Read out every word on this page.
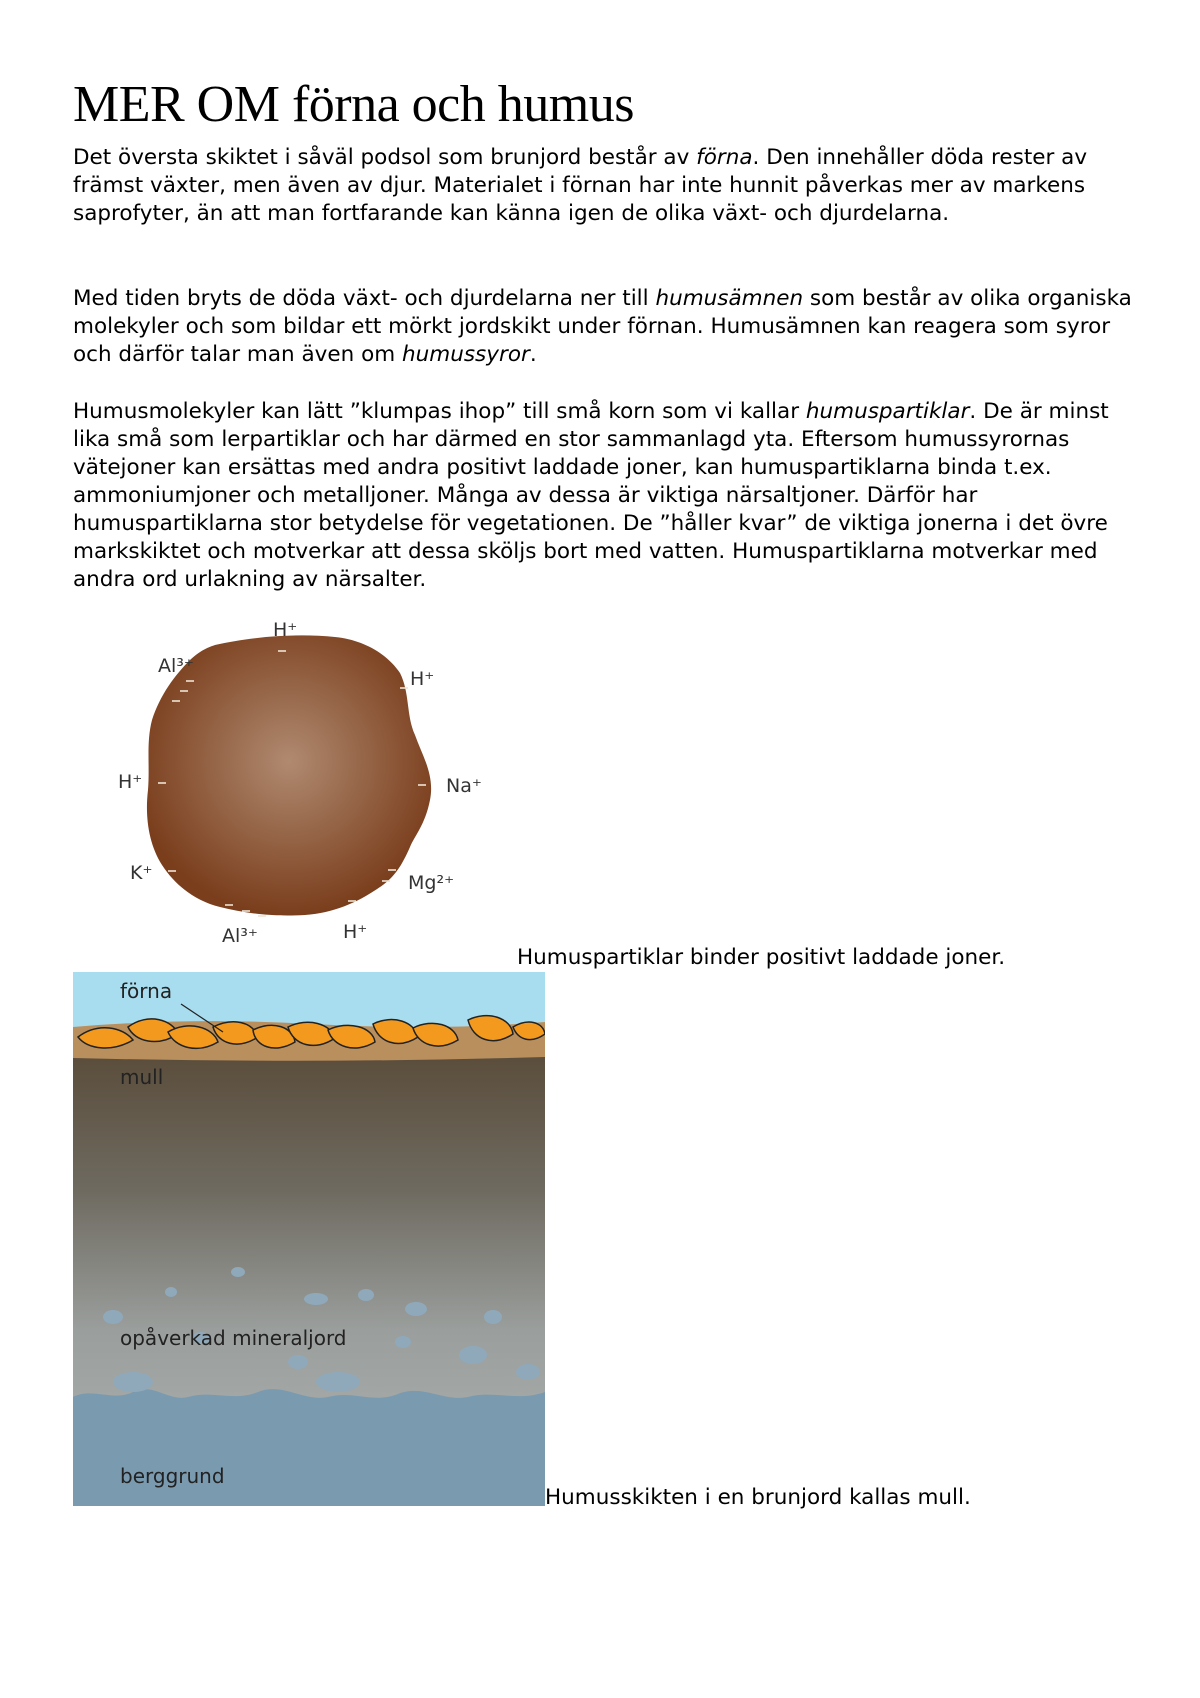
MER OM förna och humus

Det översta skiktet i såväl podsol som brunjord består av förna. Den innehåller döda rester av främst växter, men även av djur. Materialet i förnan har inte hunnit påverkas mer av markens saprofyter, än att man fortfarande kan känna igen de olika växt- och djurdelarna.

Med tiden bryts de döda växt- och djurdelarna ner till humusämnen som består av olika organiska molekyler och som bildar ett mörkt jordskikt under förnan. Humusämnen kan reagera som syror och därför talar man även om humussyror.

Humusmolekyler kan lätt ”klumpas ihop” till små korn som vi kallar humuspartiklar. De är minst lika små som lerpartiklar och har därmed en stor sammanlagd yta. Eftersom humussyrornas vätejoner kan ersättas med andra positivt laddade joner, kan humuspartiklarna binda t.ex. ammoniumjoner och metalljoner. Många av dessa är viktiga närsaltjoner. Därför har humuspartiklarna stor betydelse för vegetationen. De ”håller kvar” de viktiga jonerna i det övre markskiktet och motverkar att dessa sköljs bort med vatten. Humuspartiklarna motverkar med andra ord urlakning av närsalter.

H⁺
Al³⁺
H⁺
H⁺	Na⁺
K⁺	Mg²⁺
Al³⁺	H⁺

Humuspartiklar binder positivt laddade joner.

förna
mull
opåverkad mineraljord
berggrund

Humusskikten i en brunjord kallas mull.
